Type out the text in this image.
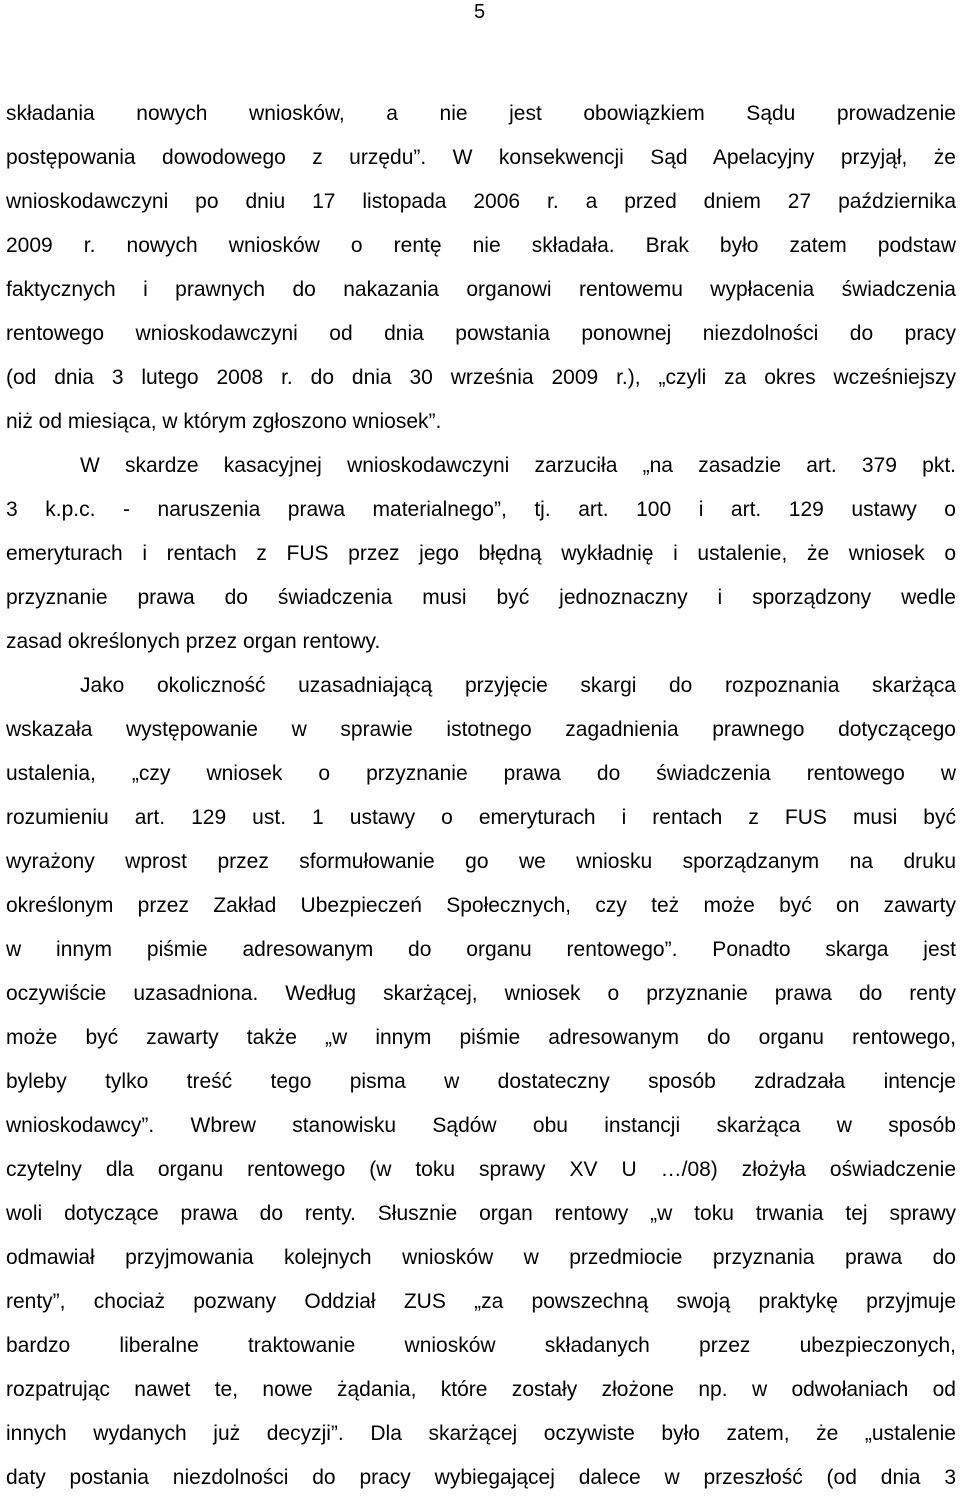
5
składania nowych wniosków, a nie jest obowiązkiem Sądu prowadzenie
postępowania dowodowego z urzędu”. W konsekwencji Sąd Apelacyjny przyjął, że
wnioskodawczyni po dniu 17 listopada 2006 r. a przed dniem 27 października
2009 r. nowych wniosków o rentę nie składała. Brak było zatem podstaw
faktycznych i prawnych do nakazania organowi rentowemu wypłacenia świadczenia
rentowego wnioskodawczyni od dnia powstania ponownej niezdolności do pracy
(od dnia 3 lutego 2008 r. do dnia 30 września 2009 r.), „czyli za okres wcześniejszy
niż od miesiąca, w którym zgłoszono wniosek”.
W skardze kasacyjnej wnioskodawczyni zarzuciła „na zasadzie art. 379 pkt.
3 k.p.c. - naruszenia prawa materialnego”, tj. art. 100 i art. 129 ustawy o
emeryturach i rentach z FUS przez jego błędną wykładnię i ustalenie, że wniosek o
przyznanie prawa do świadczenia musi być jednoznaczny i sporządzony wedle
zasad określonych przez organ rentowy.
Jako okoliczność uzasadniającą przyjęcie skargi do rozpoznania skarżąca
wskazała występowanie w sprawie istotnego zagadnienia prawnego dotyczącego
ustalenia, „czy wniosek o przyznanie prawa do świadczenia rentowego w
rozumieniu art. 129 ust. 1 ustawy o emeryturach i rentach z FUS musi być
wyrażony wprost przez sformułowanie go we wniosku sporządzanym na druku
określonym przez Zakład Ubezpieczeń Społecznych, czy też może być on zawarty
w innym piśmie adresowanym do organu rentowego”. Ponadto skarga jest
oczywiście uzasadniona. Według skarżącej, wniosek o przyznanie prawa do renty
może być zawarty także „w innym piśmie adresowanym do organu rentowego,
byleby tylko treść tego pisma w dostateczny sposób zdradzała intencje
wnioskodawcy”. Wbrew stanowisku Sądów obu instancji skarżąca w sposób
czytelny dla organu rentowego (w toku sprawy XV U …/08) złożyła oświadczenie
woli dotyczące prawa do renty. Słusznie organ rentowy „w toku trwania tej sprawy
odmawiał przyjmowania kolejnych wniosków w przedmiocie przyznania prawa do
renty”, chociaż pozwany Oddział ZUS „za powszechną swoją praktykę przyjmuje
bardzo liberalne traktowanie wniosków składanych przez ubezpieczonych,
rozpatrując nawet te, nowe żądania, które zostały złożone np. w odwołaniach od
innych wydanych już decyzji”. Dla skarżącej oczywiste było zatem, że „ustalenie
daty postania niezdolności do pracy wybiegającej dalece w przeszłość (od dnia 3
